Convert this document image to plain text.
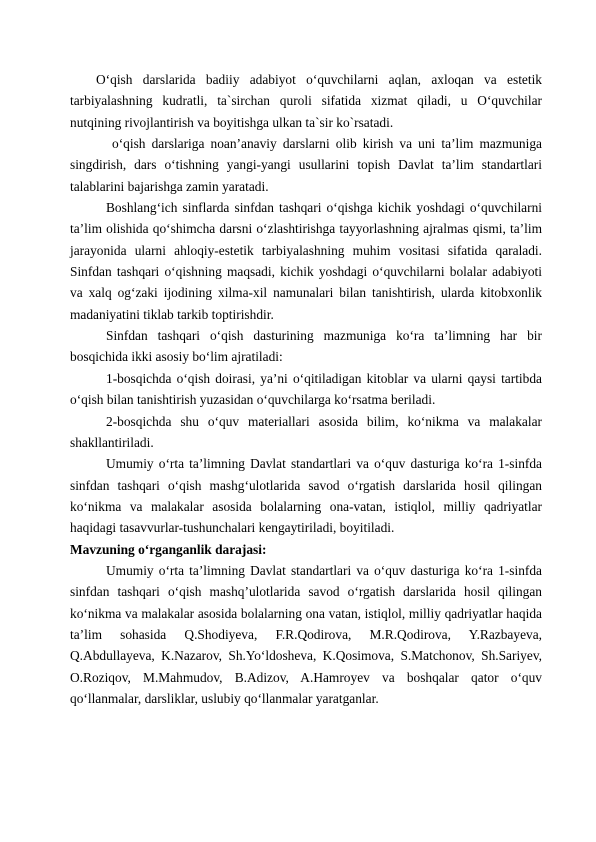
O‘qish darslarida badiiy adabiyot o‘quvchilarni aqlan, axloqan va estetik tarbiyalashning kudratli, ta`sirchan quroli sifatida xizmat qiladi, u O‘quvchilar nutqining rivojlantirish va boyitishga ulkan ta`sir ko`rsatadi.

o‘qish darslariga noan’anaviy darslarni olib kirish va uni ta’lim mazmuniga singdirish, dars o‘tishning yangi-yangi usullarini topish Davlat ta’lim standartlari talablarini bajarishga zamin yaratadi.

Boshlang‘ich sinflarda sinfdan tashqari o‘qishga kichik yoshdagi o‘quvchilarni ta’lim olishida qo‘shimcha darsni o‘zlashtirishga tayyorlashning ajralmas qismi, ta’lim jarayonida ularni ahloqiy-estetik tarbiyalashning muhim vositasi sifatida qaraladi. Sinfdan tashqari o‘qishning maqsadi, kichik yoshdagi o‘quvchilarni bolalar adabiyoti va xalq og‘zaki ijodining xilma-xil namunalari bilan tanishtirish, ularda kitobxonlik madaniyatini tiklab tarkib toptirishdir.

Sinfdan tashqari o‘qish dasturining mazmuniga ko‘ra ta’limning har bir bosqichida ikki asosiy bo‘lim ajratiladi:

1-bosqichda o‘qish doirasi, ya’ni o‘qitiladigan kitoblar va ularni qaysi tartibda o‘qish bilan tanishtirish yuzasidan o‘quvchilarga ko‘rsatma beriladi.

2-bosqichda shu o‘quv materiallari asosida bilim, ko‘nikma va malakalar shakllantiriladi.

Umumiy o‘rta ta’limning Davlat standartlari va o‘quv dasturiga ko‘ra 1-sinfda sinfdan tashqari o‘qish mashg‘ulotlarida savod o‘rgatish darslarida hosil qilingan ko‘nikma va malakalar asosida bolalarning ona-vatan, istiqlol, milliy qadriyatlar haqidagi tasavvurlar-tushunchalari kengaytiriladi, boyitiladi.

Mavzuning o‘rganganlik darajasi:

Umumiy o‘rta ta’limning Davlat standartlari va o‘quv dasturiga ko‘ra 1-sinfda sinfdan tashqari o‘qish mashq’ulotlarida savod o‘rgatish darslarida hosil qilingan ko‘nikma va malakalar asosida bolalarning ona vatan, istiqlol, milliy qadriyatlar haqida ta’lim sohasida Q.Shodiyeva, F.R.Qodirova, M.R.Qodirova, Y.Razbayeva, Q.Abdullayeva, K.Nazarov, Sh.Yo‘ldosheva, K.Qosimova, S.Matchonov, Sh.Sariyev, O.Roziqov, M.Mahmudov, B.Adizov, A.Hamroyev va boshqalar qator o‘quv qo‘llanmalar, darsliklar, uslubiy qo‘llanmalar yaratganlar.
